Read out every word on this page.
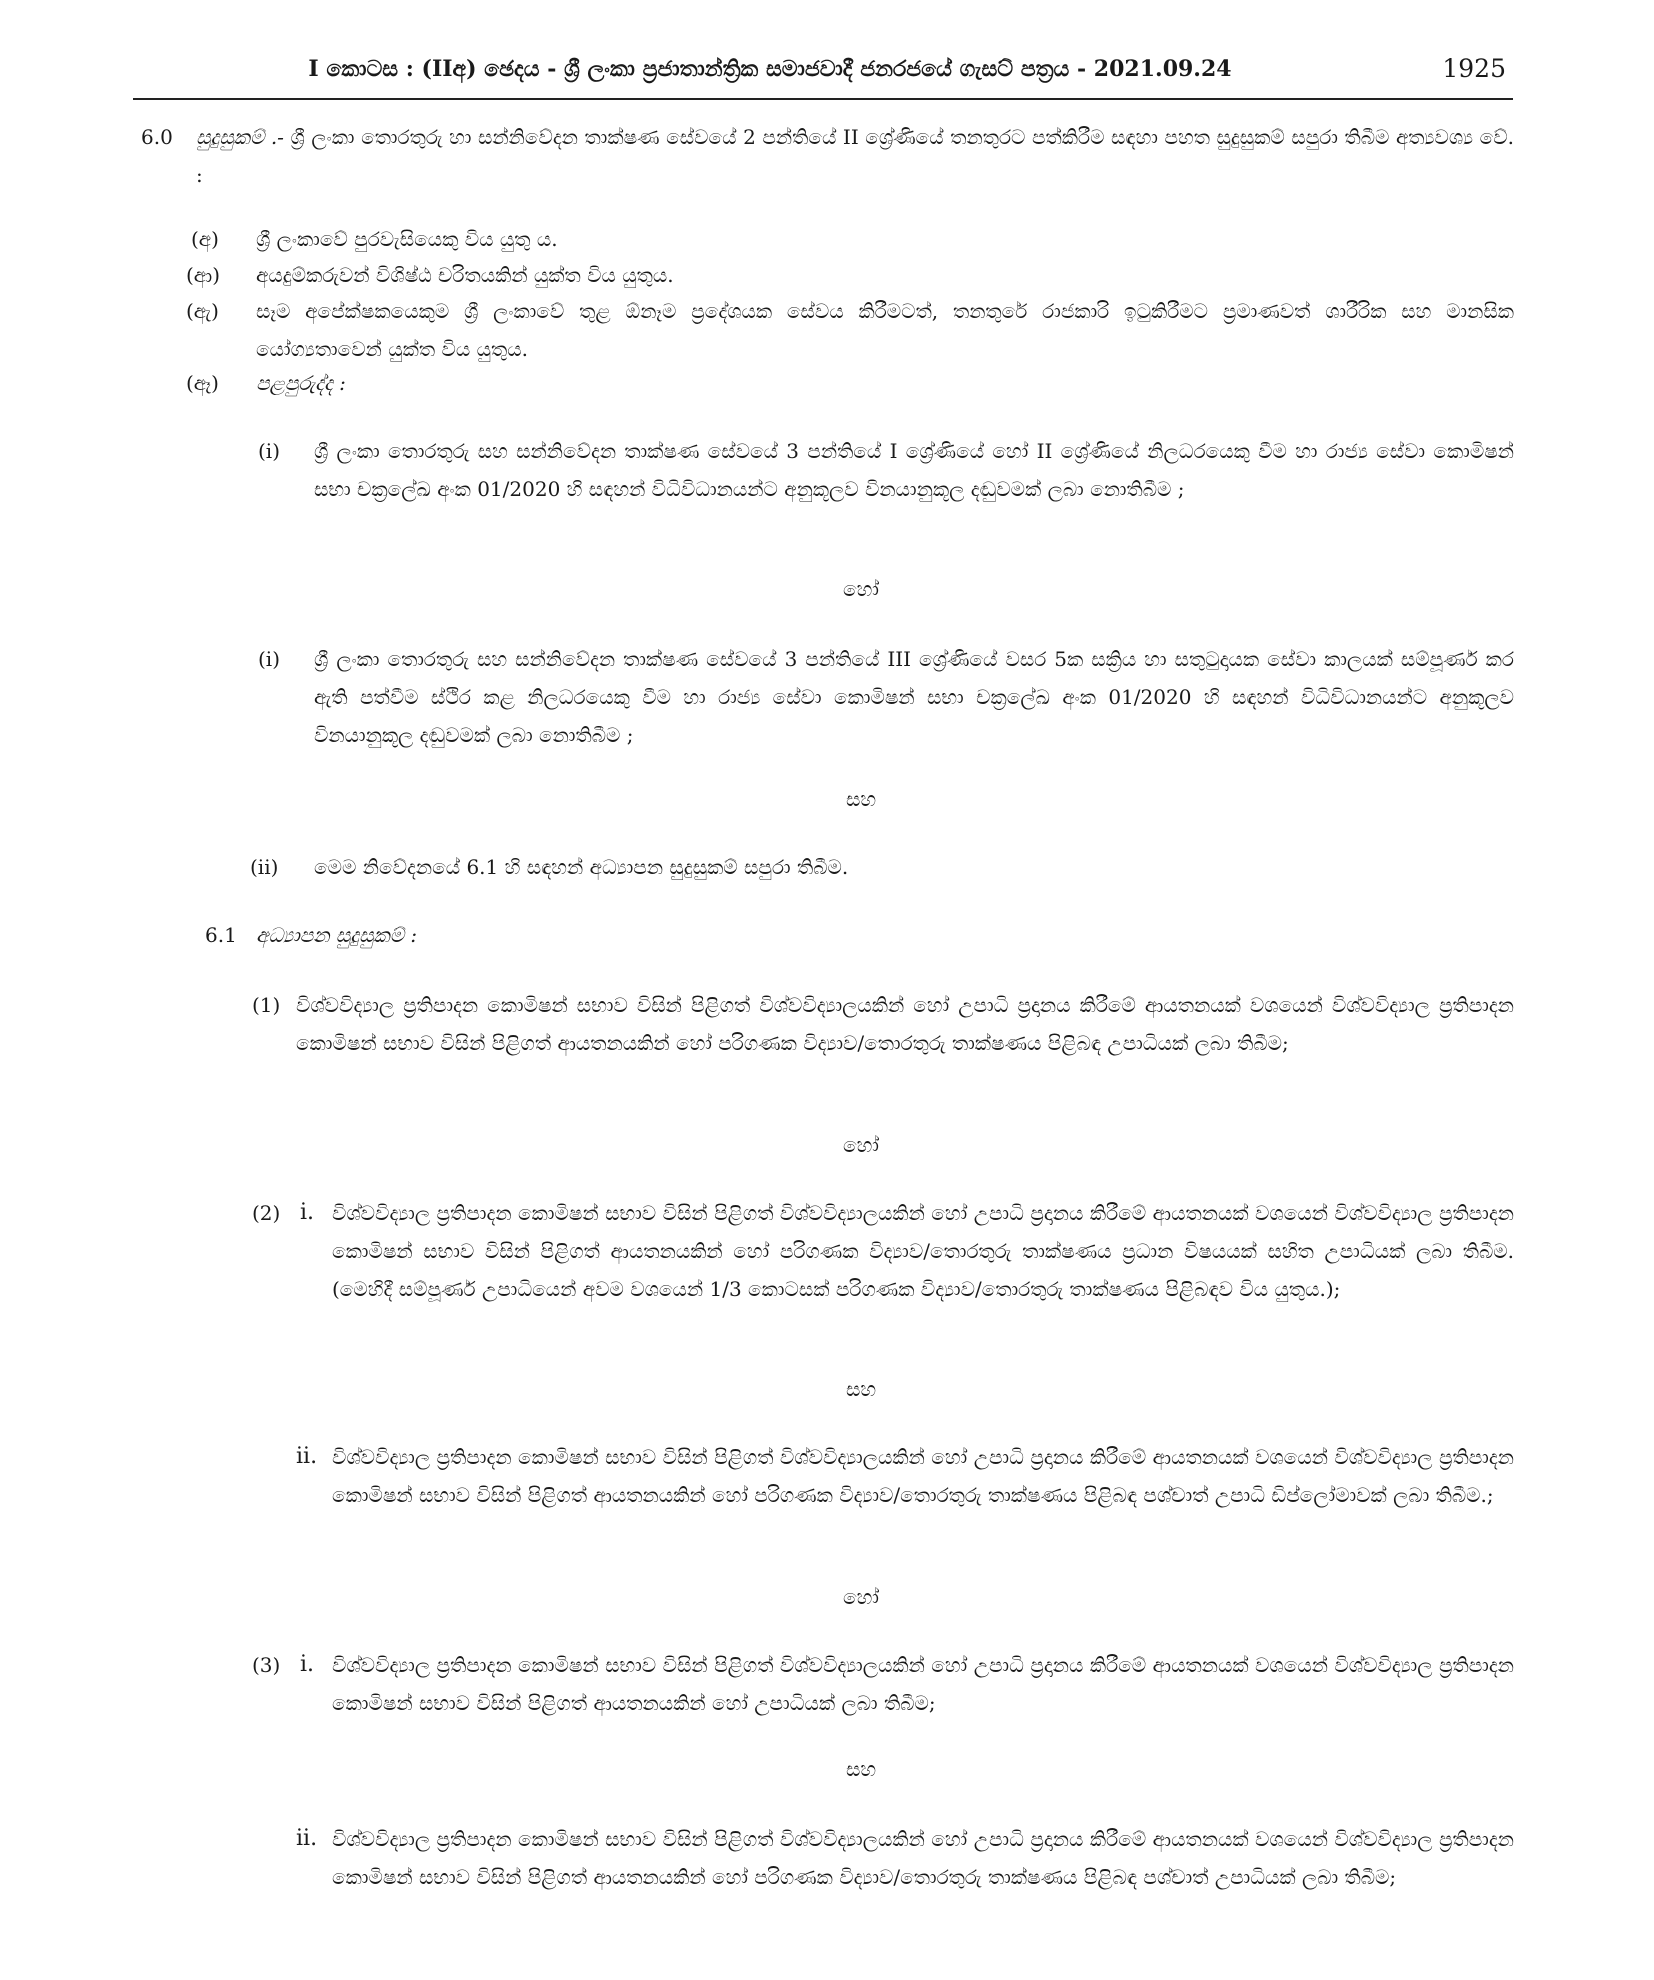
I කොටස : (IIඅ) ඡෙදය - ශ්‍රී ලංකා ප්‍රජාතාන්ත්‍රික සමාජවාදී ජනරජයේ ගැසට් පත්‍රය - 2021.09.24	1925
6.0 සුදුසුකම් .- ශ්‍රී ලංකා තොරතුරු හා සන්නිවේදන තාක්ෂණ සේවයේ 2 පන්තියේ II ශ්‍රේණියේ තනතුරට පත්කිරීම සඳහා පහත සුදුසුකම් සපුරා තිබීම අත්‍යවශ්‍ය වේ. :
(අ) ශ්‍රී ලංකාවේ පුරවැසියෙකු විය යුතු ය.
(ආ) අයදුම්කරුවන් විශිෂ්ඨ චරිතයකින් යුක්ත විය යුතුය.
(ඇ) සෑම අපේක්ෂකයෙකුම ශ්‍රී ලංකාවේ තුළ ඕනෑම ප්‍රදේශයක සේවය කිරීමටත්, තනතුරේ රාජකාරි ඉටුකිරීමට ප්‍රමාණවත් ශාරීරික සහ මානසික යෝග්‍යතාවෙන් යුක්ත විය යුතුය.
(ඈ) පළපුරුද්ද :
(i) ශ්‍රී ලංකා තොරතුරු සහ සන්නිවේදන තාක්ෂණ සේවයේ 3 පන්තියේ I ශ්‍රේණියේ හෝ II ශ්‍රේණියේ නිලධරයෙකු වීම හා රාජ්‍ය සේවා කොමිෂන් සභා චක්‍රලේඛ අංක 01/2020 හි සඳහන් විධිවිධානයන්ට අනුකූලව විනයානුකූල දඬුවමක් ලබා නොතිබීම ;
හෝ
(i) ශ්‍රී ලංකා තොරතුරු සහ සන්නිවේදන තාක්ෂණ සේවයේ 3 පන්තියේ III ශ්‍රේණියේ වසර 5ක සක්‍රිය හා සතුටුදායක සේවා කාලයක් සම්පූර්ණ කර ඇති පත්වීම ස්ථිර කළ නිලධරයෙකු වීම හා රාජ්‍ය සේවා කොමිෂන් සභා චක්‍රලේඛ අංක 01/2020 හි සඳහන් විධිවිධානයන්ට අනුකූලව විනයානුකූල දඬුවමක් ලබා නොතිබීම ;
සහ
(ii) මෙම නිවේදනයේ 6.1 හි සඳහන් අධ්‍යාපන සුදුසුකම් සපුරා තිබීම.
6.1 අධ්‍යාපන සුදුසුකම් :
(1) විශ්වවිද්‍යාල ප්‍රතිපාදන කොමිෂන් සභාව විසින් පිළිගත් විශ්වවිද්‍යාලයකින් හෝ උපාධි ප්‍රදානය කිරීමේ ආයතනයක් වශයෙන් විශ්වවිද්‍යාල ප්‍රතිපාදන කොමිෂන් සභාව විසින් පිළිගත් ආයතනයකින් හෝ පරිගණක විද්‍යාව/තොරතුරු තාක්ෂණය පිළිබඳ උපාධියක් ලබා තිබීම;
හෝ
(2) i. විශ්වවිද්‍යාල ප්‍රතිපාදන කොමිෂන් සභාව විසින් පිළිගත් විශ්වවිද්‍යාලයකින් හෝ උපාධි ප්‍රදානය කිරීමේ ආයතනයක් වශයෙන් විශ්වවිද්‍යාල ප්‍රතිපාදන කොමිෂන් සභාව විසින් පිළිගත් ආයතනයකින් හෝ පරිගණක විද්‍යාව/තොරතුරු තාක්ෂණය ප්‍රධාන විෂයයක් සහිත උපාධියක් ලබා තිබීම. (මෙහිදී සම්පූර්ණ උපාධියෙන් අවම වශයෙන් 1/3 කොටසක් පරිගණක විද්‍යාව/තොරතුරු තාක්ෂණය පිළිබඳව විය යුතුය.);
සහ
ii. විශ්වවිද්‍යාල ප්‍රතිපාදන කොමිෂන් සභාව විසින් පිළිගත් විශ්වවිද්‍යාලයකින් හෝ උපාධි ප්‍රදානය කිරීමේ ආයතනයක් වශයෙන් විශ්වවිද්‍යාල ප්‍රතිපාදන කොමිෂන් සභාව විසින් පිළිගත් ආයතනයකින් හෝ පරිගණක විද්‍යාව/තොරතුරු තාක්ෂණය පිළිබඳ පශ්චාත් උපාධි ඩිප්ලෝමාවක් ලබා තිබීම.;
හෝ
(3) i. විශ්වවිද්‍යාල ප්‍රතිපාදන කොමිෂන් සභාව විසින් පිළිගත් විශ්වවිද්‍යාලයකින් හෝ උපාධි ප්‍රදානය කිරීමේ ආයතනයක් වශයෙන් විශ්වවිද්‍යාල ප්‍රතිපාදන කොමිෂන් සභාව විසින් පිළිගත් ආයතනයකින් හෝ උපාධියක් ලබා තිබීම;
සහ
ii. විශ්වවිද්‍යාල ප්‍රතිපාදන කොමිෂන් සභාව විසින් පිළිගත් විශ්වවිද්‍යාලයකින් හෝ උපාධි ප්‍රදානය කිරීමේ ආයතනයක් වශයෙන් විශ්වවිද්‍යාල ප්‍රතිපාදන කොමිෂන් සභාව විසින් පිළිගත් ආයතනයකින් හෝ පරිගණක විද්‍යාව/තොරතුරු තාක්ෂණය පිළිබඳ පශ්චාත් උපාධියක් ලබා තිබීම;
